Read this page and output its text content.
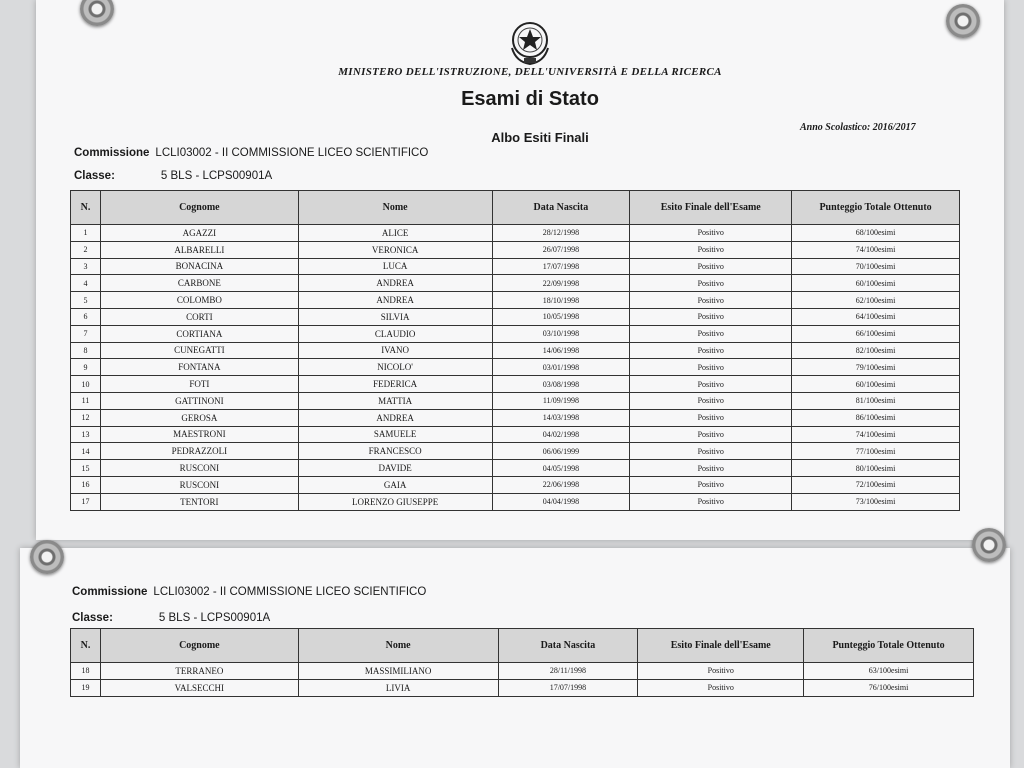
MINISTERO DELL'ISTRUZIONE, DELL'UNIVERSITÀ E DELLA RICERCA
Esami di Stato
Albo Esiti Finali
Anno Scolastico: 2016/2017
Commissione LCLI03002 - II COMMISSIONE LICEO SCIENTIFICO
Classe:	5 BLS - LCPS00901A
N.	Cognome	Nome	Data Nascita	Esito Finale dell'Esame	Punteggio Totale Ottenuto
1	AGAZZI	ALICE	28/12/1998	Positivo	68/100esimi
2	ALBARELLI	VERONICA	26/07/1998	Positivo	74/100esimi
3	BONACINA	LUCA	17/07/1998	Positivo	70/100esimi
4	CARBONE	ANDREA	22/09/1998	Positivo	60/100esimi
5	COLOMBO	ANDREA	18/10/1998	Positivo	62/100esimi
6	CORTI	SILVIA	10/05/1998	Positivo	64/100esimi
7	CORTIANA	CLAUDIO	03/10/1998	Positivo	66/100esimi
8	CUNEGATTI	IVANO	14/06/1998	Positivo	82/100esimi
9	FONTANA	NICOLO'	03/01/1998	Positivo	79/100esimi
10	FOTI	FEDERICA	03/08/1998	Positivo	60/100esimi
11	GATTINONI	MATTIA	11/09/1998	Positivo	81/100esimi
12	GEROSA	ANDREA	14/03/1998	Positivo	86/100esimi
13	MAESTRONI	SAMUELE	04/02/1998	Positivo	74/100esimi
14	PEDRAZZOLI	FRANCESCO	06/06/1999	Positivo	77/100esimi
15	RUSCONI	DAVIDE	04/05/1998	Positivo	80/100esimi
16	RUSCONI	GAIA	22/06/1998	Positivo	72/100esimi
17	TENTORI	LORENZO GIUSEPPE	04/04/1998	Positivo	73/100esimi
Commissione LCLI03002 - II COMMISSIONE LICEO SCIENTIFICO
Classe:	5 BLS - LCPS00901A
N.	Cognome	Nome	Data Nascita	Esito Finale dell'Esame	Punteggio Totale Ottenuto
18	TERRANEO	MASSIMILIANO	28/11/1998	Positivo	63/100esimi
19	VALSECCHI	LIVIA	17/07/1998	Positivo	76/100esimi
